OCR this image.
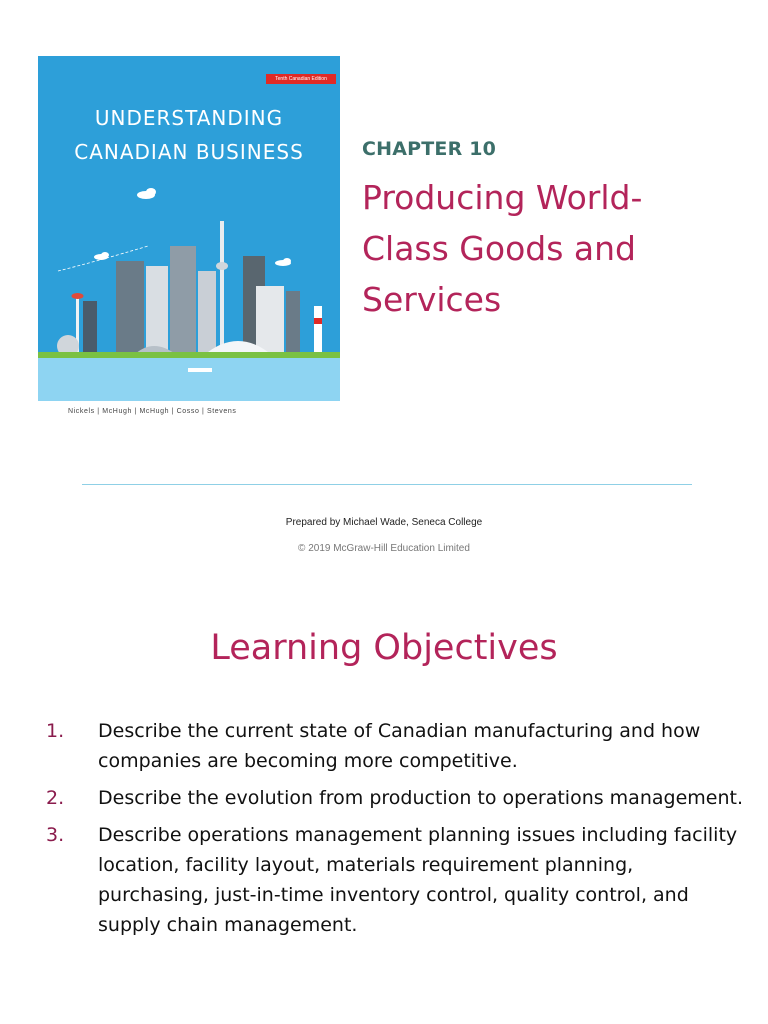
Tenth Canadian Edition
UNDERSTANDING
CANADIAN BUSINESS
Nickels | McHugh | McHugh | Cosso | Stevens
CHAPTER 10
Producing World-
Class Goods and
Services
Prepared by Michael Wade, Seneca College
© 2019 McGraw-Hill Education Limited
Learning Objectives
1. Describe the current state of Canadian manufacturing and how companies are becoming more competitive.
2. Describe the evolution from production to operations management.
3. Describe operations management planning issues including facility location, facility layout, materials requirement planning, purchasing, just-in-time inventory control, quality control, and supply chain management.
